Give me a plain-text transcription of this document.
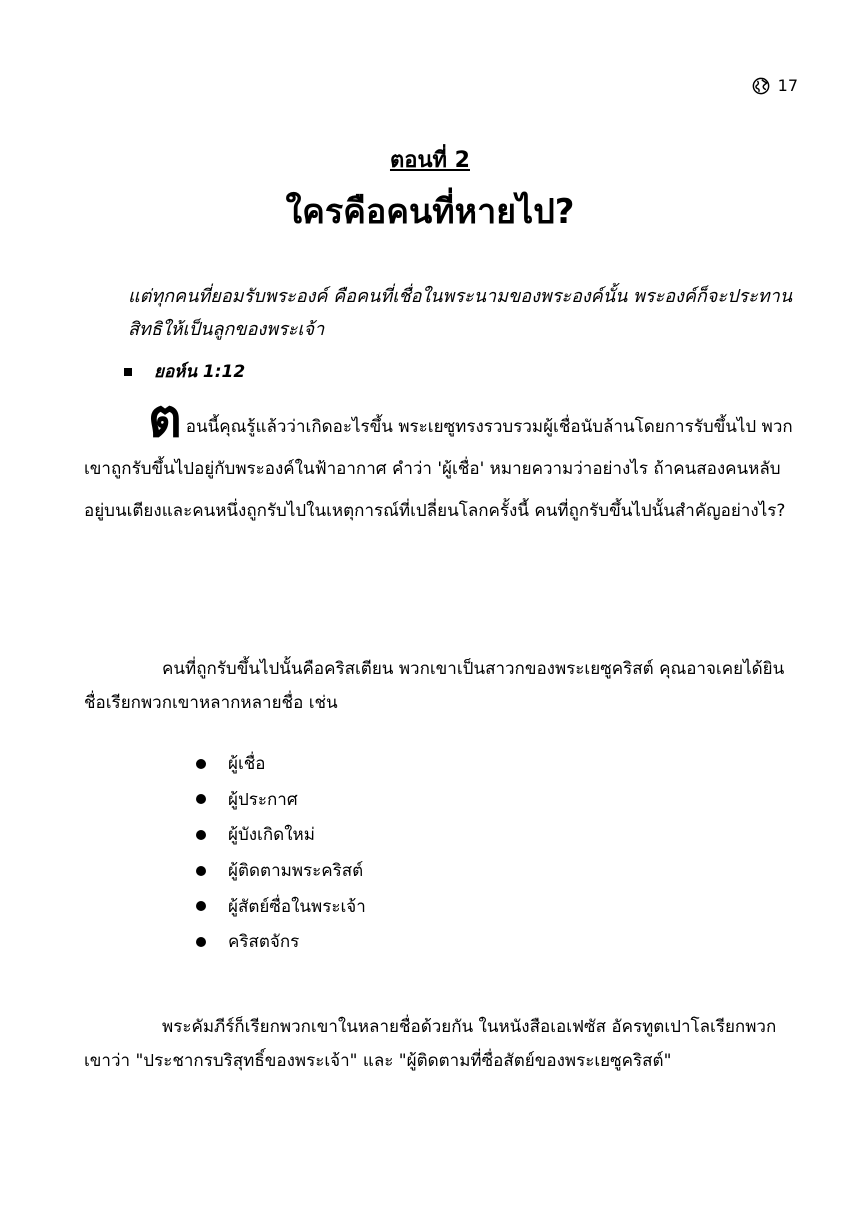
17
ตอนที่ 2
ใครคือคนที่หายไป?
แต่ทุกคนที่ยอมรับพระองค์ คือคนที่เชื่อในพระนามของพระองค์นั้น พระองค์ก็จะประทานสิทธิให้เป็นลูกของพระเจ้า
ยอห์น 1:12
ตอนนี้คุณรู้แล้วว่าเกิดอะไรขึ้น พระเยซูทรงรวบรวมผู้เชื่อนับล้านโดยการรับขึ้นไป พวกเขาถูกรับขึ้นไปอยู่กับพระองค์ในฟ้าอากาศ คำว่า 'ผู้เชื่อ' หมายความว่าอย่างไร ถ้าคนสองคนหลับอยู่บนเตียงและคนหนึ่งถูกรับไปในเหตุการณ์ที่เปลี่ยนโลกครั้งนี้ คนที่ถูกรับขึ้นไปนั้นสำคัญอย่างไร?
คนที่ถูกรับขึ้นไปนั้นคือคริสเตียน พวกเขาเป็นสาวกของพระเยซูคริสต์ คุณอาจเคยได้ยินชื่อเรียกพวกเขาหลากหลายชื่อ เช่น
ผู้เชื่อ
ผู้ประกาศ
ผู้บังเกิดใหม่
ผู้ติดตามพระคริสต์
ผู้สัตย์ซื่อในพระเจ้า
คริสตจักร
พระคัมภีร์ก็เรียกพวกเขาในหลายชื่อด้วยกัน ในหนังสือเอเฟซัส อัครทูตเปาโลเรียกพวกเขาว่า "ประชากรบริสุทธิ์ของพระเจ้า" และ "ผู้ติดตามที่ซื่อสัตย์ของพระเยซูคริสต์"
